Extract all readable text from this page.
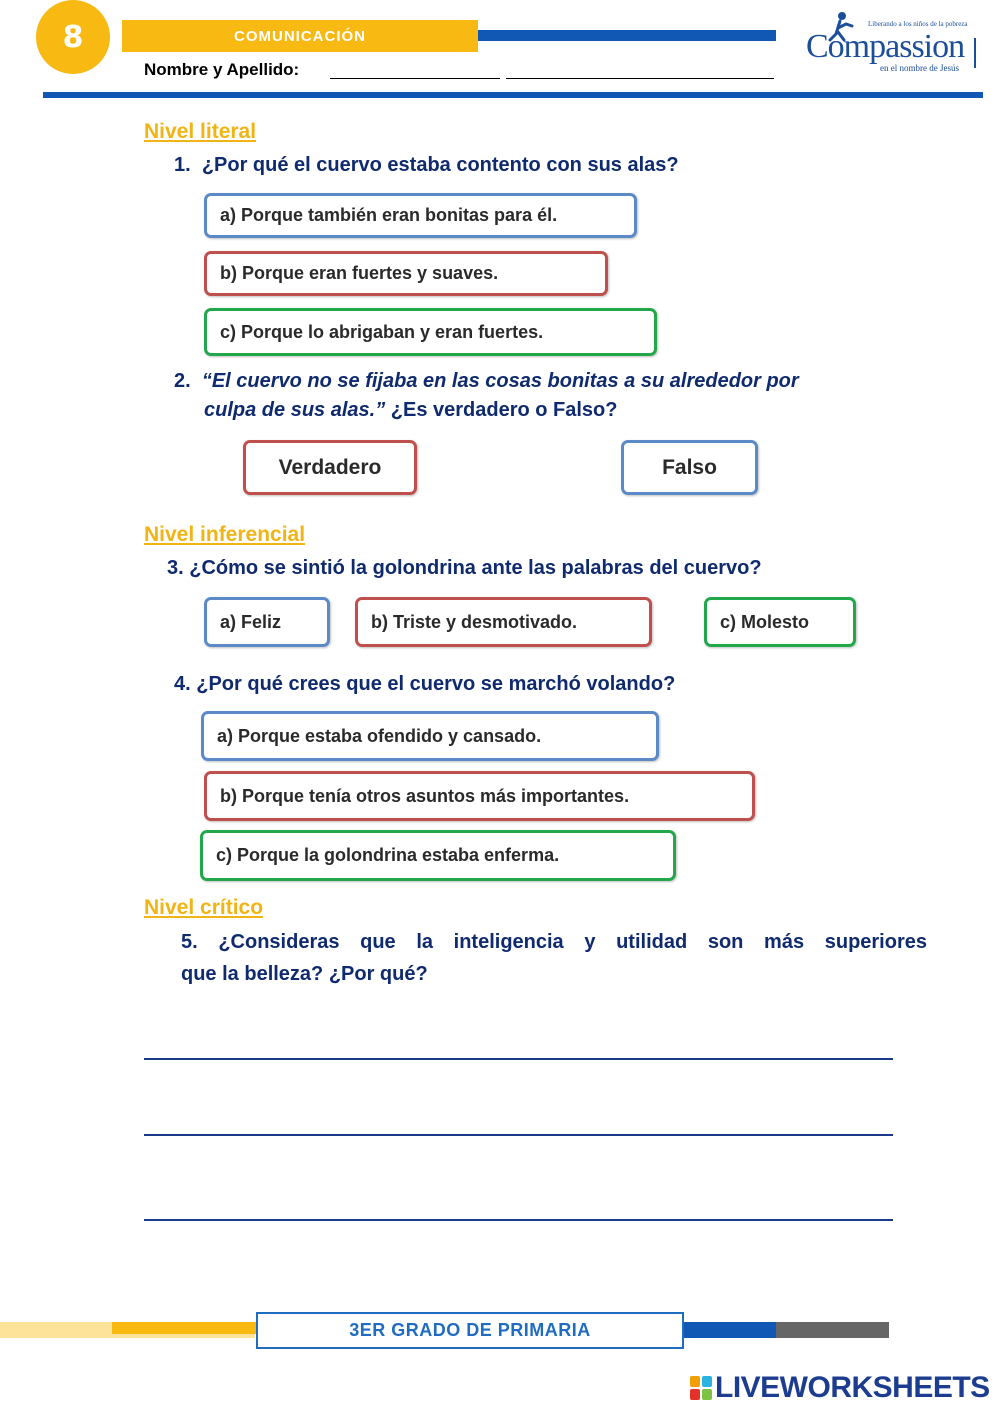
8	COMUNICACIÓN
Nombre y Apellido:
Liberando a los niños de la pobreza
Compassion
en el nombre de Jesús
Nivel literal
1. ¿Por qué el cuervo estaba contento con sus alas?
a) Porque también eran bonitas para él.
b) Porque eran fuertes y suaves.
c) Porque lo abrigaban y eran fuertes.
2. “El cuervo no se fijaba en las cosas bonitas a su alrededor por
culpa de sus alas.” ¿Es verdadero o Falso?
Verdadero	Falso
Nivel inferencial
3. ¿Cómo se sintió la golondrina ante las palabras del cuervo?
a) Feliz	b) Triste y desmotivado.	c) Molesto
4. ¿Por qué crees que el cuervo se marchó volando?
a) Porque estaba ofendido y cansado.
b) Porque tenía otros asuntos más importantes.
c) Porque la golondrina estaba enferma.
Nivel crítico
5. ¿Consideras que la inteligencia y utilidad son más superiores
que la belleza? ¿Por qué?
3ER GRADO DE PRIMARIA
LIVEWORKSHEETS
